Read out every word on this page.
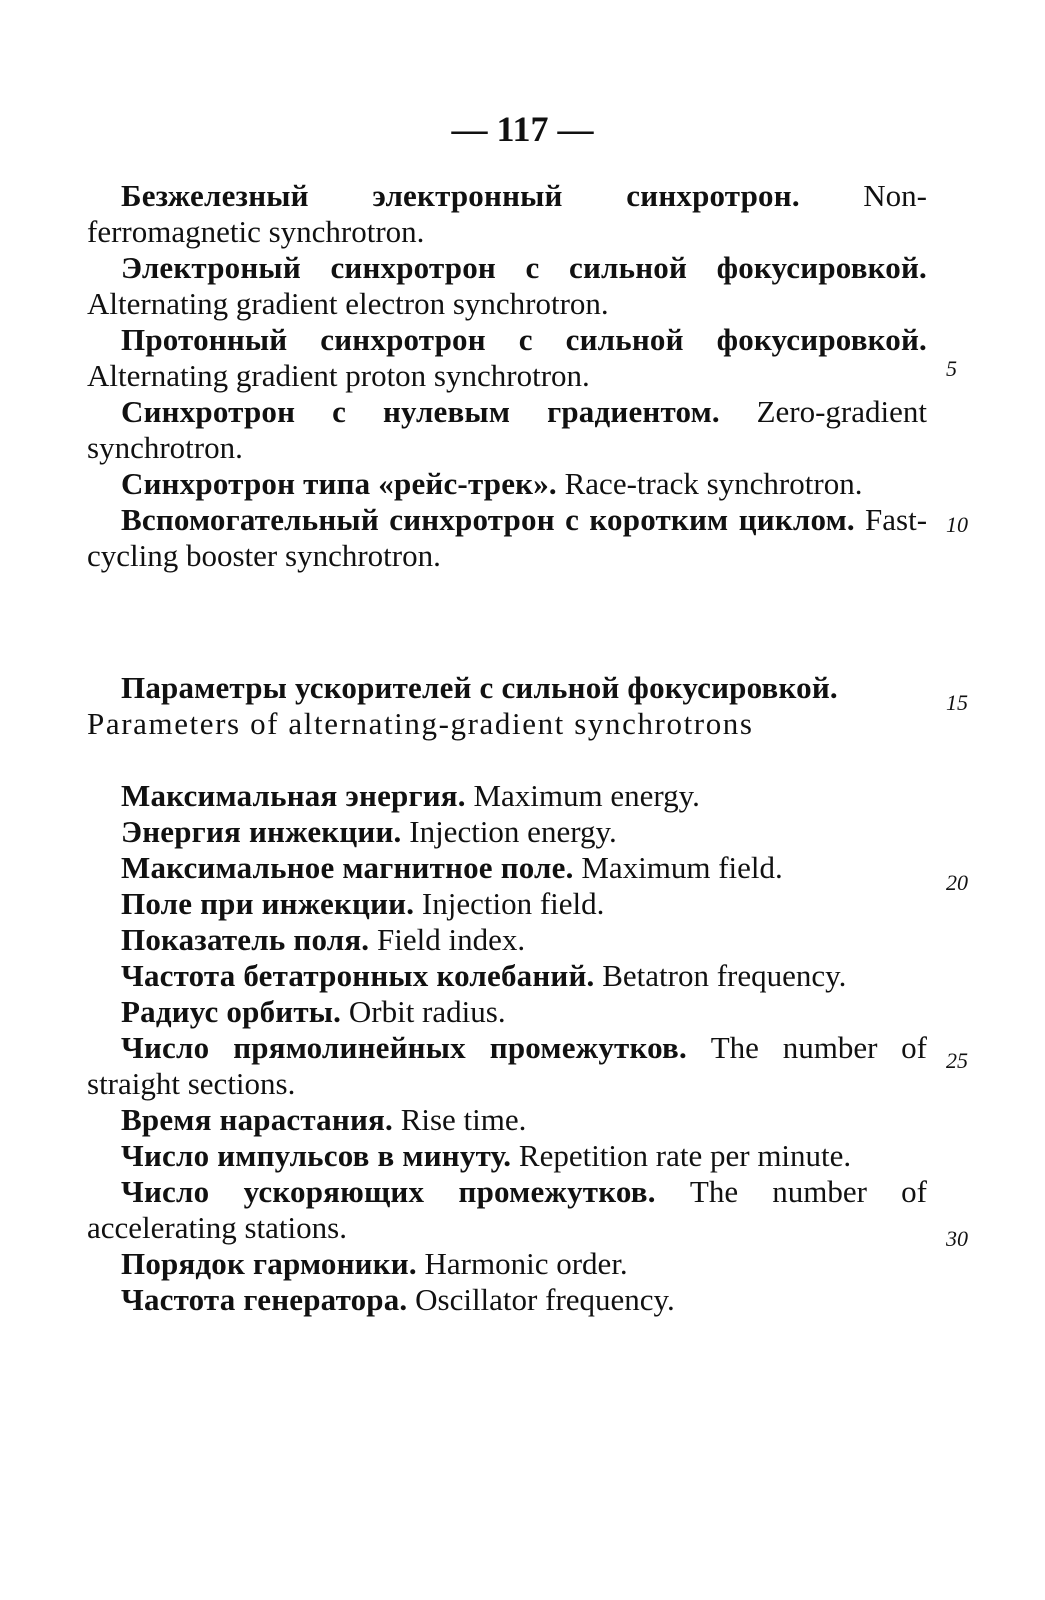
— 117 —
Безжелезный электронный синхротрон. Non-ferromagnetic synchrotron.
Электроный синхротрон с сильной фокусировкой. Alternating gradient electron synchrotron.
Протонный синхротрон с сильной фокусировкой. Alternating gradient proton synchrotron.
Синхротрон с нулевым градиентом. Zero-gradient synchrotron.
Синхротрон типа «рейс-трек». Race-track synchrotron.
Вспомогательный синхротрон с коротким циклом. Fast-cycling booster synchrotron.
Параметры ускорителей с сильной фокусировкой.
Parameters of alternating-gradient synchrotrons
Максимальная энергия. Maximum energy.
Энергия инжекции. Injection energy.
Максимальное магнитное поле. Maximum field.
Поле при инжекции. Injection field.
Показатель поля. Field index.
Частота бетатронных колебаний. Betatron frequency.
Радиус орбиты. Orbit radius.
Число прямолинейных промежутков. The number of straight sections.
Время нарастания. Rise time.
Число импульсов в минуту. Repetition rate per minute.
Число ускоряющих промежутков. The number of accelerating stations.
Порядок гармоники. Harmonic order.
Частота генератора. Oscillator frequency.
5
10
15
20
25
30
